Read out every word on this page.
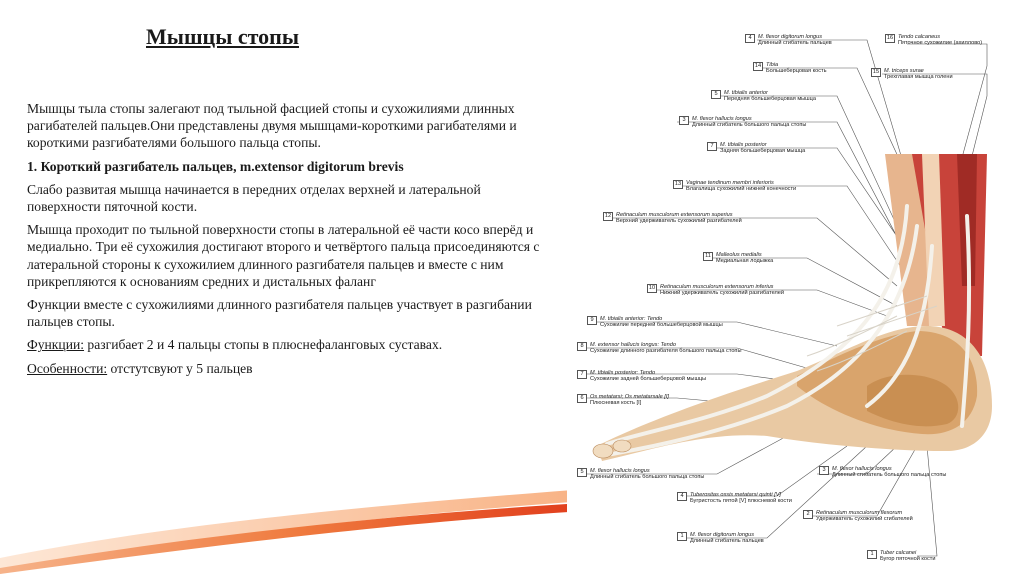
Мышцы стопы

Мышцы тыла стопы залегают под тыльной фасцией стопы и сухожилиями длинных рагибателей пальцев.Они представлены двумя мышцами-короткими рагибателями и короткими разгибателями большого пальца стопы.

1. Короткий разгибатель пальцев, m.extensor digitorum brevis

Слабо развитая мышца начинается в передних отделах верхней и латеральной поверхности пяточной кости.

Мышца проходит по тыльной поверхности стопы в латеральной её части косо вперёд и медиально. Три её сухожилия достигают второго и четвёртого пальца присоединяются с латеральной стороны к сухожилием длинного разгибателя пальцев и вместе с ним прикрепляются к основаниям средних и дистальных фаланг

Функции вместе с сухожилиями длинного разгибателя пальцев участвует в разгибании пальцев стопы.

Функции: разгибает 2 и 4 пальцы стопы в плюснефаланговых суставах.

Особенности: отстутсвуют у 5 пальцев

4 M. flexor digitorum longus
Длинный сгибатель пальцев
16 Tendo calcaneus
Пяточное сухожилие (ахиллово)
14 Tibia
Большеберцовая кость	15 M. triceps surae
Трехглавая мышца голени
5 M. tibialis anterior
Передняя большеберцовая мышца
3 M. flexor hallucis longus
Длинный сгибатель большого пальца стопы
7 M. tibialis posterior
Задняя большеберцовая мышца
13 Vaginae tendinum membri inferioris
Влагалища сухожилий нижней конечности
12 Retinaculum musculorum extensorum superius
Верхний удерживатель сухожилий разгибателей
11 Malleolus medialis
Медиальная лодыжка
10 Retinaculum musculorum extensorum inferius
Нижний удерживатель сухожилий разгибателей
9 M. tibialis anterior: Tendo
Сухожилие передней большеберцовой мышцы
8 M. extensor hallucis longus: Tendo
Сухожилие длинного разгибателя большого пальца стопы
7 M. tibialis posterior: Tendo
Сухожилие задней большеберцовой мышцы
6 Os metatarsi; Os metatarsale [I]
Плюсневая кость [I]
5 M. flexor hallucis longus
Длинный сгибатель большого пальца стопы
3 M. flexor hallucis longus
Длинный сгибатель большого пальца стопы
4 Tuberositas ossis metatarsi quinti [V]
Бугристость пятой [V] плюсневой кости
2 Retinaculum musculorum flexorum
Удерживатель сухожилий сгибателей
1 M. flexor digitorum longus
Длинный сгибатель пальцев
1 Tuber calcanei
Бугор пяточной кости
